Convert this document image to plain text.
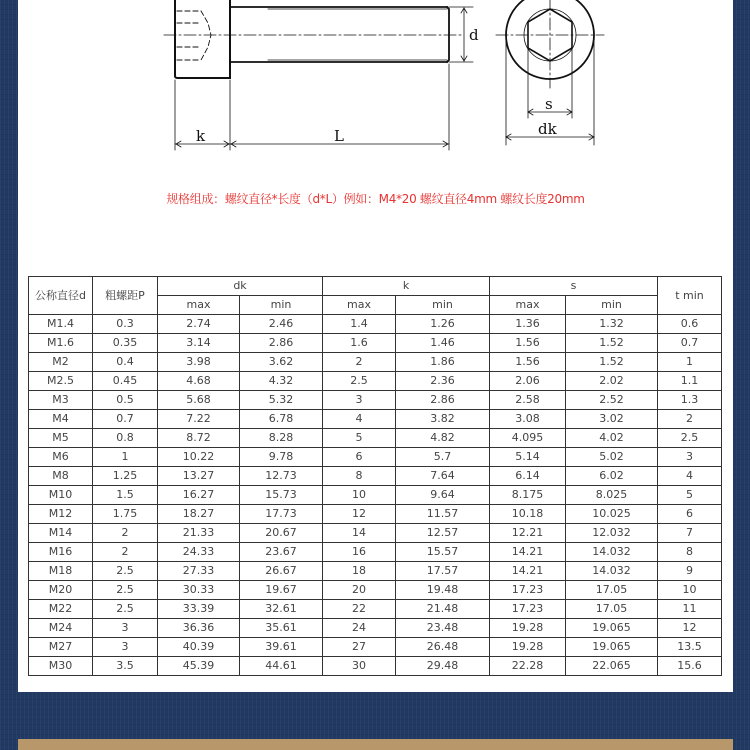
k	L
d
s
dk
规格组成：螺纹直径*长度（d*L）例如：M4*20 螺纹直径4mm 螺纹长度20mm
公称直径d	粗螺距P	dk		k		s		t min
		max	min	max	min	max	min	
M1.4	0.3	2.74	2.46	1.4	1.26	1.36	1.32	0.6
M1.6	0.35	3.14	2.86	1.6	1.46	1.56	1.52	0.7
M2	0.4	3.98	3.62	2	1.86	1.56	1.52	1
M2.5	0.45	4.68	4.32	2.5	2.36	2.06	2.02	1.1
M3	0.5	5.68	5.32	3	2.86	2.58	2.52	1.3
M4	0.7	7.22	6.78	4	3.82	3.08	3.02	2
M5	0.8	8.72	8.28	5	4.82	4.095	4.02	2.5
M6	1	10.22	9.78	6	5.7	5.14	5.02	3
M8	1.25	13.27	12.73	8	7.64	6.14	6.02	4
M10	1.5	16.27	15.73	10	9.64	8.175	8.025	5
M12	1.75	18.27	17.73	12	11.57	10.18	10.025	6
M14	2	21.33	20.67	14	12.57	12.21	12.032	7
M16	2	24.33	23.67	16	15.57	14.21	14.032	8
M18	2.5	27.33	26.67	18	17.57	14.21	14.032	9
M20	2.5	30.33	19.67	20	19.48	17.23	17.05	10
M22	2.5	33.39	32.61	22	21.48	17.23	17.05	11
M24	3	36.36	35.61	24	23.48	19.28	19.065	12
M27	3	40.39	39.61	27	26.48	19.28	19.065	13.5
M30	3.5	45.39	44.61	30	29.48	22.28	22.065	15.6
